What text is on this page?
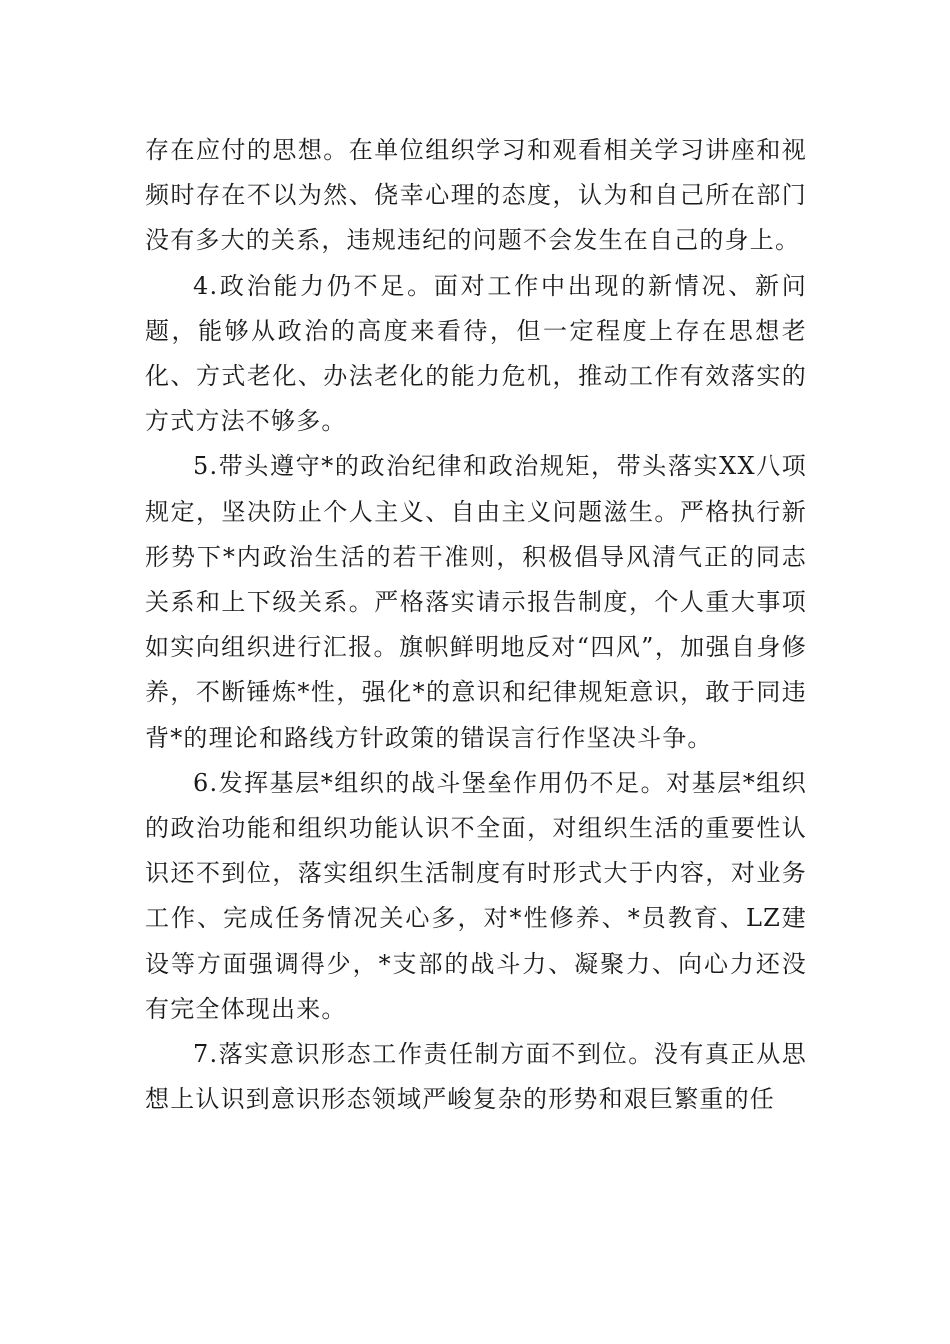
存在应付的思想。在单位组织学习和观看相关学习讲座和视频时存在不以为然、侥幸心理的态度，认为和自己所在部门没有多大的关系，违规违纪的问题不会发生在自己的身上。

4.政治能力仍不足。面对工作中出现的新情况、新问题，能够从政治的高度来看待，但一定程度上存在思想老化、方式老化、办法老化的能力危机，推动工作有效落实的方式方法不够多。

5.带头遵守*的政治纪律和政治规矩，带头落实XX八项规定，坚决防止个人主义、自由主义问题滋生。严格执行新形势下*内政治生活的若干准则，积极倡导风清气正的同志关系和上下级关系。严格落实请示报告制度，个人重大事项如实向组织进行汇报。旗帜鲜明地反对“四风”，加强自身修养，不断锤炼*性，强化*的意识和纪律规矩意识，敢于同违背*的理论和路线方针政策的错误言行作坚决斗争。

6.发挥基层*组织的战斗堡垒作用仍不足。对基层*组织的政治功能和组织功能认识不全面，对组织生活的重要性认识还不到位，落实组织生活制度有时形式大于内容，对业务工作、完成任务情况关心多，对*性修养、*员教育、LZ建设等方面强调得少，*支部的战斗力、凝聚力、向心力还没有完全体现出来。

7.落实意识形态工作责任制方面不到位。没有真正从思想上认识到意识形态领域严峻复杂的形势和艰巨繁重的任
